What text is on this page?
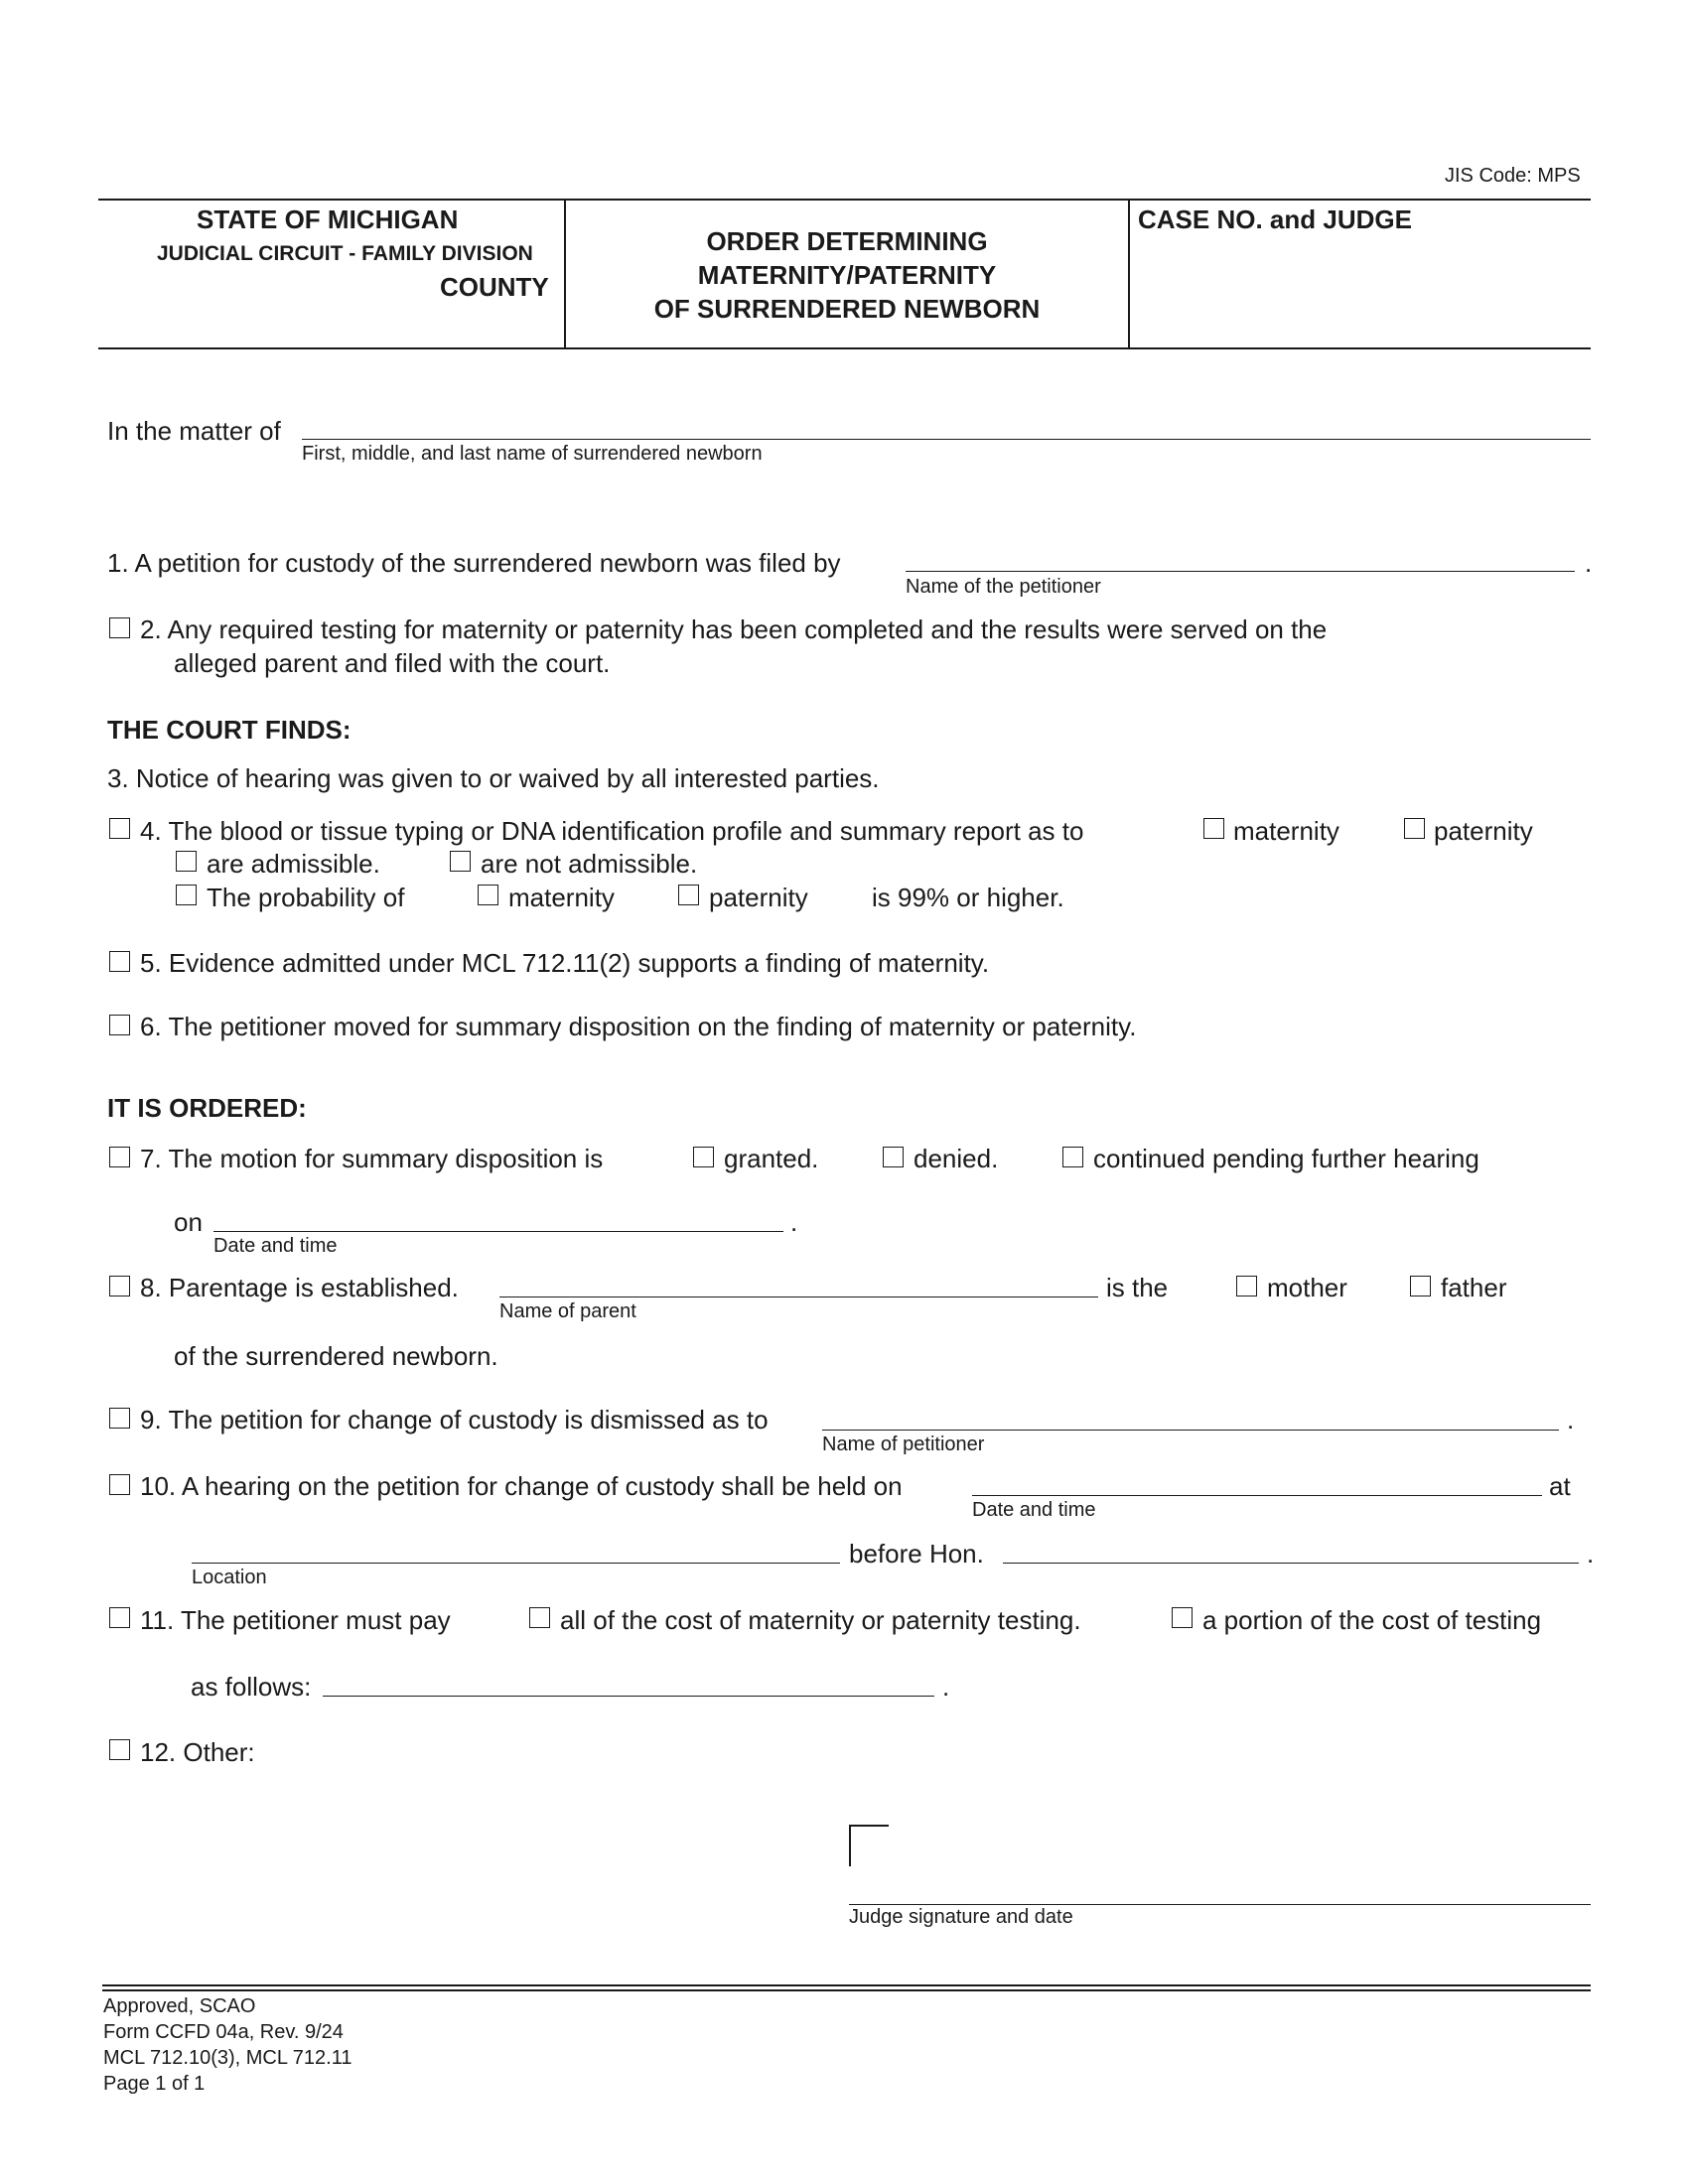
JIS Code: MPS
STATE OF MICHIGAN
JUDICIAL CIRCUIT - FAMILY DIVISION
COUNTY
ORDER DETERMINING
MATERNITY/PATERNITY
OF SURRENDERED NEWBORN
CASE NO. and JUDGE
In the matter of
First, middle, and last name of surrendered newborn
1. A petition for custody of the surrendered newborn was filed by
Name of the petitioner
.
2. Any required testing for maternity or paternity has been completed and the results were served on the
alleged parent and filed with the court.
THE COURT FINDS:
3. Notice of hearing was given to or waived by all interested parties.
4. The blood or tissue typing or DNA identification profile and summary report as to	maternity	paternity
are admissible.	are not admissible.
The probability of	maternity	paternity is 99% or higher.
5. Evidence admitted under MCL 712.11(2) supports a finding of maternity.
6. The petitioner moved for summary disposition on the finding of maternity or paternity.
IT IS ORDERED:
7. The motion for summary disposition is	granted.	denied.	continued pending further hearing
on
Date and time
.
8. Parentage is established.
Name of parent
is the	mother	father
of the surrendered newborn.
9. The petition for change of custody is dismissed as to
Name of petitioner
.
10. A hearing on the petition for change of custody shall be held on
Date and time
at
Location
before Hon.	.
11. The petitioner must pay	all of the cost of maternity or paternity testing.	a portion of the cost of testing
as follows:	.
12. Other:
Judge signature and date
Approved, SCAO
Form CCFD 04a, Rev. 9/24
MCL 712.10(3), MCL 712.11
Page 1 of 1
